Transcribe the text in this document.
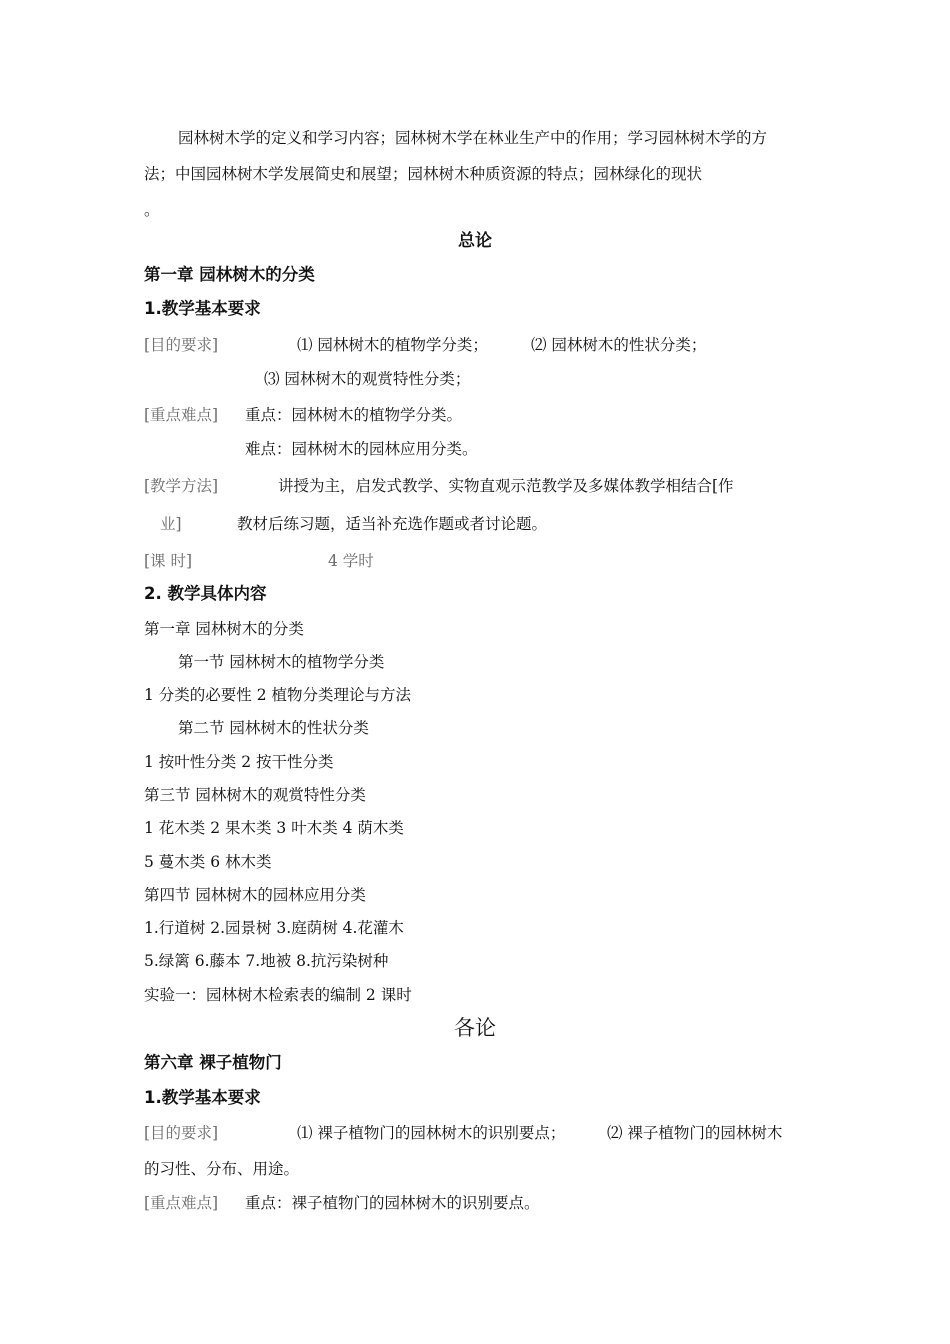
园林树木学的定义和学习内容；园林树木学在林业生产中的作用；学习园林树木学的方
法；中国园林树木学发展简史和展望；园林树木种质资源的特点；园林绿化的现状
。
总论
第一章 园林树木的分类
1.教学基本要求
[目的要求]	⑴ 园林树木的植物学分类；	⑵ 园林树木的性状分类；
⑶ 园林树木的观赏特性分类；
[重点难点] 重点：园林树木的植物学分类。
难点：园林树木的园林应用分类。
[教学方法]	讲授为主，启发式教学、实物直观示范教学及多媒体教学相结合[作
业]	教材后练习题，适当补充选作题或者讨论题。
[课 时]	4 学时
2. 教学具体内容
第一章 园林树木的分类
第一节 园林树木的植物学分类
1 分类的必要性 2 植物分类理论与方法
第二节 园林树木的性状分类
1 按叶性分类 2 按干性分类
第三节 园林树木的观赏特性分类
1 花木类 2 果木类 3 叶木类 4 荫木类
5 蔓木类 6 林木类
第四节 园林树木的园林应用分类
1.行道树 2.园景树 3.庭荫树 4.花灌木
5.绿篱 6.藤本 7.地被 8.抗污染树种
实验一：园林树木检索表的编制 2 课时
各论
第六章 裸子植物门
1.教学基本要求
[目的要求]	⑴ 裸子植物门的园林树木的识别要点；	⑵ 裸子植物门的园林树木
的习性、分布、用途。
[重点难点] 重点：裸子植物门的园林树木的识别要点。
